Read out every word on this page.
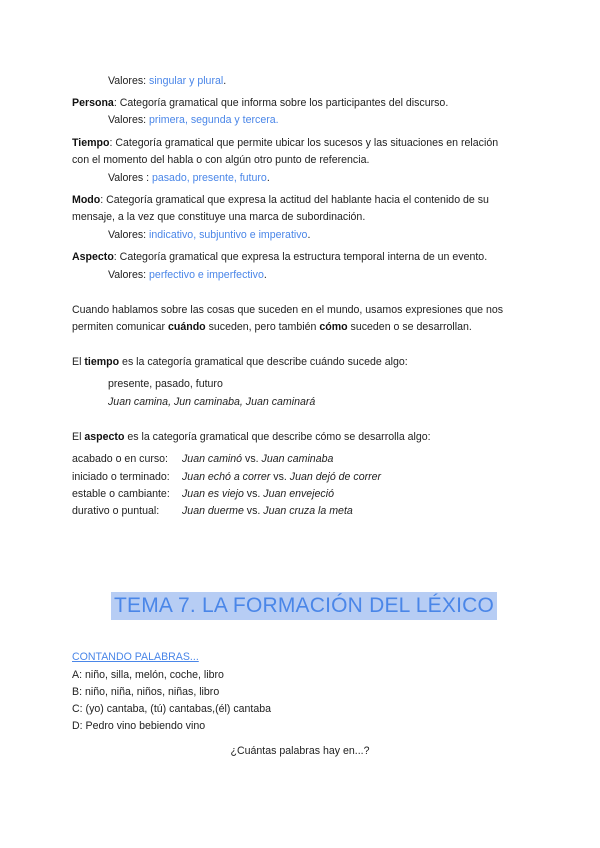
Valores: singular y plural.
Persona: Categoría gramatical que informa sobre los participantes del discurso.
Valores: primera, segunda y tercera.
Tiempo: Categoría gramatical que permite ubicar los sucesos y las situaciones en relación
con el momento del habla o con algún otro punto de referencia.
Valores : pasado, presente, futuro.
Modo: Categoría gramatical que expresa la actitud del hablante hacia el contenido de su
mensaje, a la vez que constituye una marca de subordinación.
Valores: indicativo, subjuntivo e imperativo.
Aspecto: Categoría gramatical que expresa la estructura temporal interna de un evento.
Valores: perfectivo e imperfectivo.
Cuando hablamos sobre las cosas que suceden en el mundo, usamos expresiones que nos
permiten comunicar cuándo suceden, pero también cómo suceden o se desarrollan.
El tiempo es la categoría gramatical que describe cuándo sucede algo:
presente, pasado, futuro
Juan camina, Jun caminaba, Juan caminará
El aspecto es la categoría gramatical que describe cómo se desarrolla algo:
acabado o en curso: Juan caminó vs. Juan caminaba
iniciado o terminado: Juan echó a correr vs. Juan dejó de correr
estable o cambiante: Juan es viejo vs. Juan envejeció
durativo o puntual: Juan duerme vs. Juan cruza la meta
TEMA 7. LA FORMACIÓN DEL LÉXICO
CONTANDO PALABRAS...
A: niño, silla, melón, coche, libro
B: niño, niña, niños, niñas, libro
C: (yo) cantaba, (tú) cantabas,(él) cantaba
D: Pedro vino bebiendo vino
¿Cuántas palabras hay en...?
